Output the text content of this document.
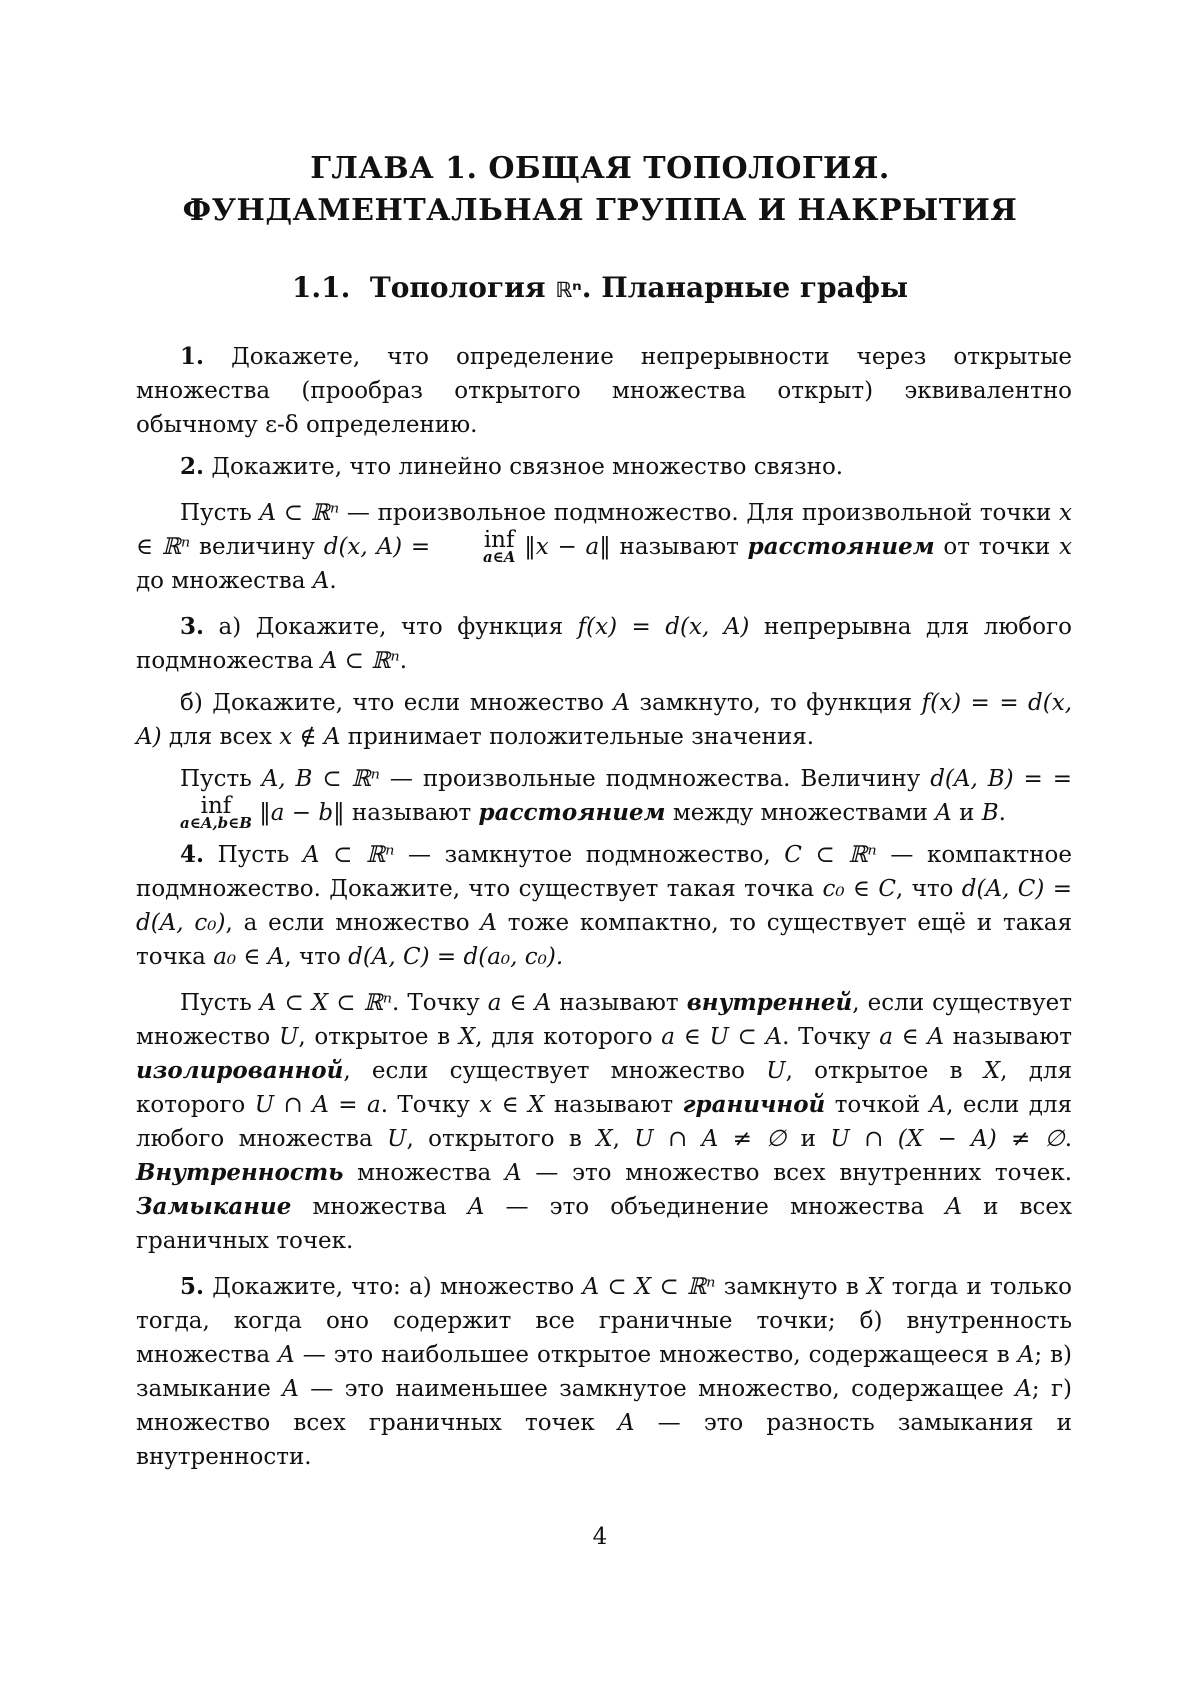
ГЛАВА 1. ОБЩАЯ ТОПОЛОГИЯ.
ФУНДАМЕНТАЛЬНАЯ ГРУППА И НАКРЫТИЯ
1.1. Топология ℝⁿ. Планарные графы

1. Докажете, что определение непрерывности через открытые множества (прообраз открытого множества открыт) эквивалентно обычному ε-δ определению.

2. Докажите, что линейно связное множество связно.

Пусть A ⊂ ℝⁿ — произвольное подмножество. Для произвольной точки x ∈ ℝⁿ величину d(x, A) = inf
a∈A ‖x − a‖ называют расстоянием от точки x до множества A.

3. а) Докажите, что функция f(x) = d(x, A) непрерывна для любого подмножества A ⊂ ℝⁿ.

б) Докажите, что если множество A замкнуто, то функция f(x) = = d(x, A) для всех x ∉ A принимает положительные значения.

Пусть A, B ⊂ ℝⁿ — произвольные подмножества. Величину d(A, B) = = inf
a∈A,b∈B ‖a − b‖ называют расстоянием между множествами A и B.

4. Пусть A ⊂ ℝⁿ — замкнутое подмножество, C ⊂ ℝⁿ — компактное подмножество. Докажите, что существует такая точка c₀ ∈ C, что d(A, C) = d(A, c₀), а если множество A тоже компактно, то существует ещё и такая точка a₀ ∈ A, что d(A, C) = d(a₀, c₀).

Пусть A ⊂ X ⊂ ℝⁿ. Точку a ∈ A называют внутренней, если существует множество U, открытое в X, для которого a ∈ U ⊂ A. Точку a ∈ A называют изолированной, если существует множество U, открытое в X, для которого U ∩ A = a. Точку x ∈ X называют граничной точкой A, если для любого множества U, открытого в X, U ∩ A ≠ ∅ и U ∩ (X − A) ≠ ∅. Внутренность множества A — это множество всех внутренних точек. Замыкание множества A — это объединение множества A и всех граничных точек.

5. Докажите, что: а) множество A ⊂ X ⊂ ℝⁿ замкнуто в X тогда и только тогда, когда оно содержит все граничные точки; б) внутренность множества A — это наибольшее открытое множество, содержащееся в A; в) замыкание A — это наименьшее замкнутое множество, содержащее A; г) множество всех граничных точек A — это разность замыкания и внутренности.

4
